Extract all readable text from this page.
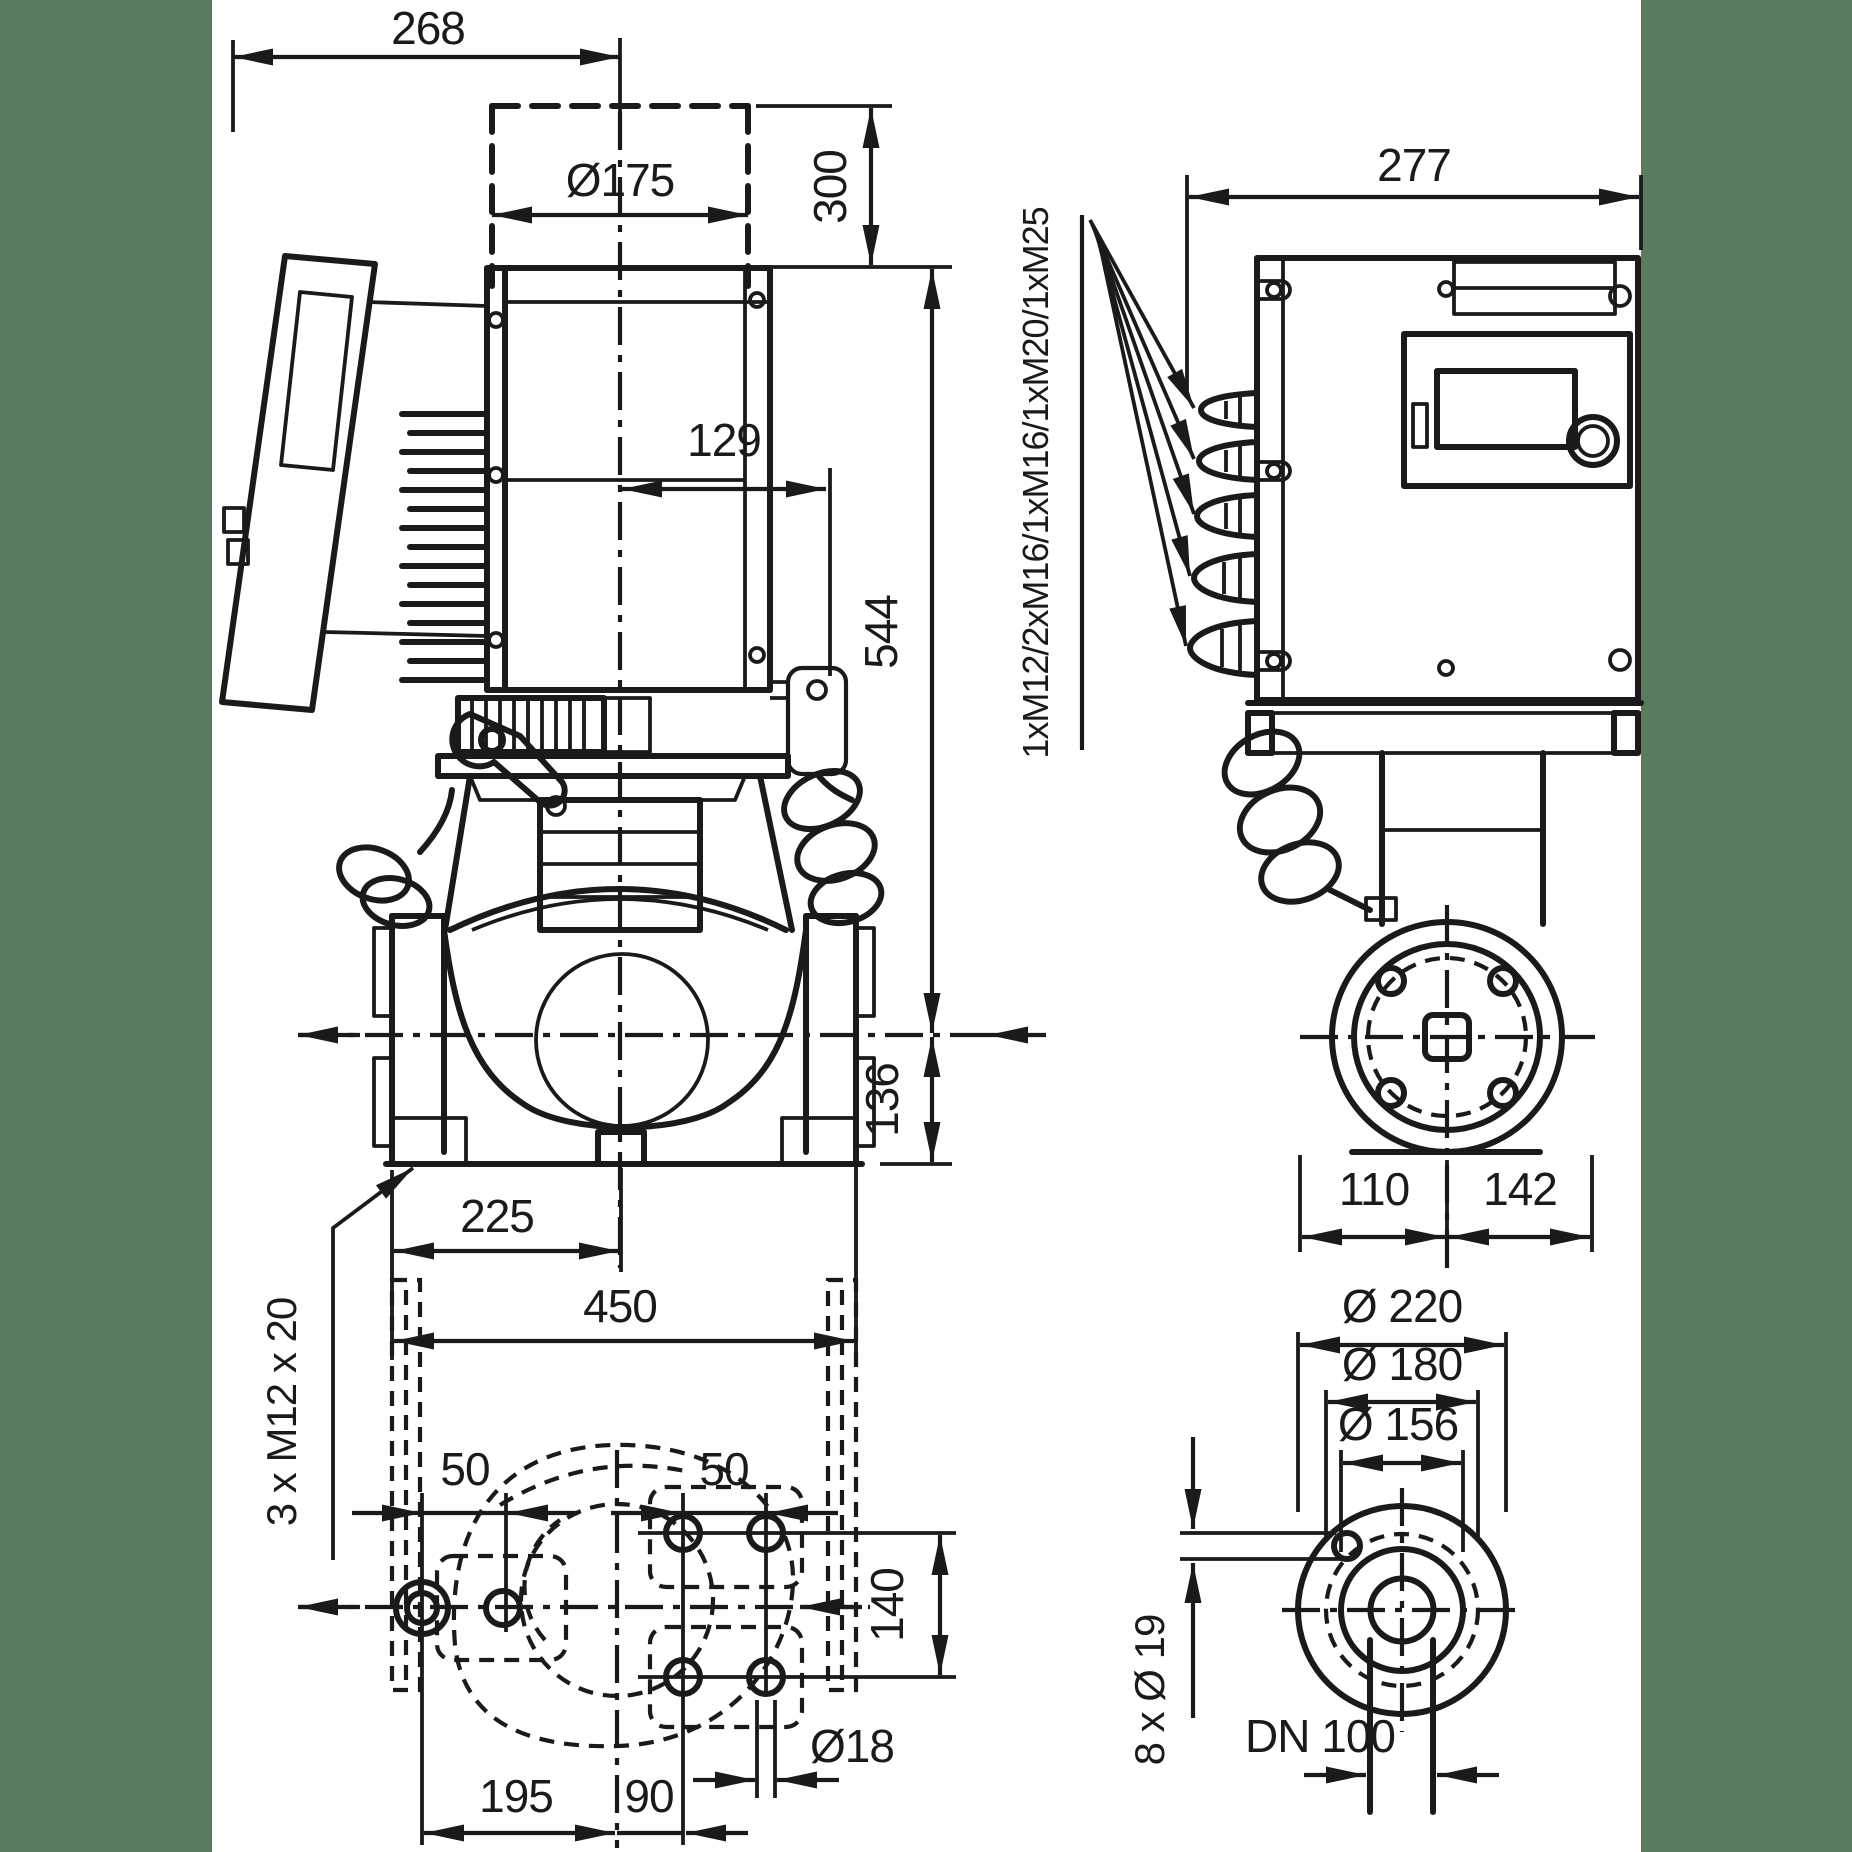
268
Ø175	300
544
136
129
225
450
3 x M12 x 20
277
1xM12/2xM16/1xM16/1xM20/1xM25
110 142
50	50
140
Ø18
195 90
Ø 220
Ø 180
Ø 156
8 x Ø 19 DN 100
